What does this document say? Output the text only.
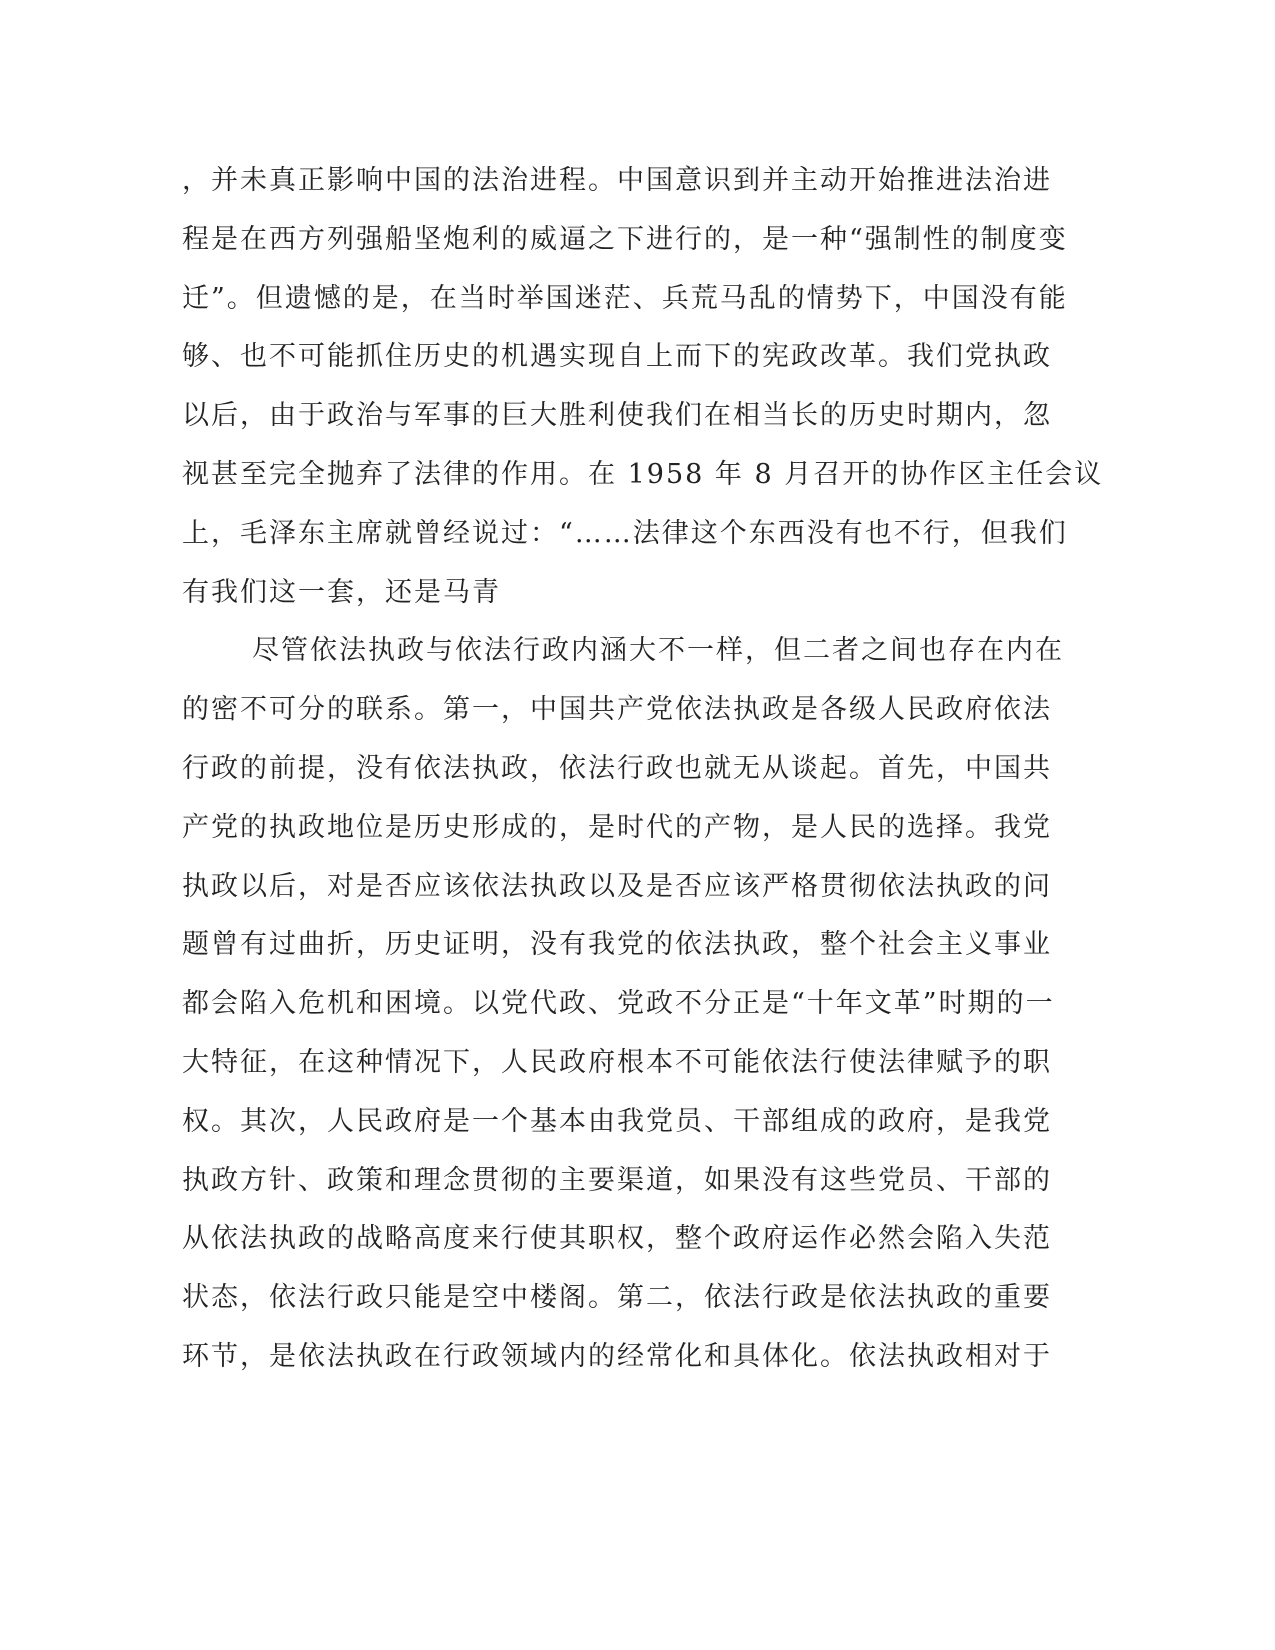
，并未真正影响中国的法治进程。中国意识到并主动开始推进法治进
程是在西方列强船坚炮利的威逼之下进行的，是一种“强制性的制度变
迁”。但遗憾的是，在当时举国迷茫、兵荒马乱的情势下，中国没有能
够、也不可能抓住历史的机遇实现自上而下的宪政改革。我们党执政
以后，由于政治与军事的巨大胜利使我们在相当长的历史时期内，忽
视甚至完全抛弃了法律的作用。在 1958 年 8 月召开的协作区主任会议
上，毛泽东主席就曾经说过：“……法律这个东西没有也不行，但我们
有我们这一套，还是马青
尽管依法执政与依法行政内涵大不一样，但二者之间也存在内在
的密不可分的联系。第一，中国共产党依法执政是各级人民政府依法
行政的前提，没有依法执政，依法行政也就无从谈起。首先，中国共
产党的执政地位是历史形成的，是时代的产物，是人民的选择。我党
执政以后，对是否应该依法执政以及是否应该严格贯彻依法执政的问
题曾有过曲折，历史证明，没有我党的依法执政，整个社会主义事业
都会陷入危机和困境。以党代政、党政不分正是“十年文革”时期的一
大特征，在这种情况下，人民政府根本不可能依法行使法律赋予的职
权。其次，人民政府是一个基本由我党员、干部组成的政府，是我党
执政方针、政策和理念贯彻的主要渠道，如果没有这些党员、干部的
从依法执政的战略高度来行使其职权，整个政府运作必然会陷入失范
状态，依法行政只能是空中楼阁。第二，依法行政是依法执政的重要
环节，是依法执政在行政领域内的经常化和具体化。依法执政相对于
